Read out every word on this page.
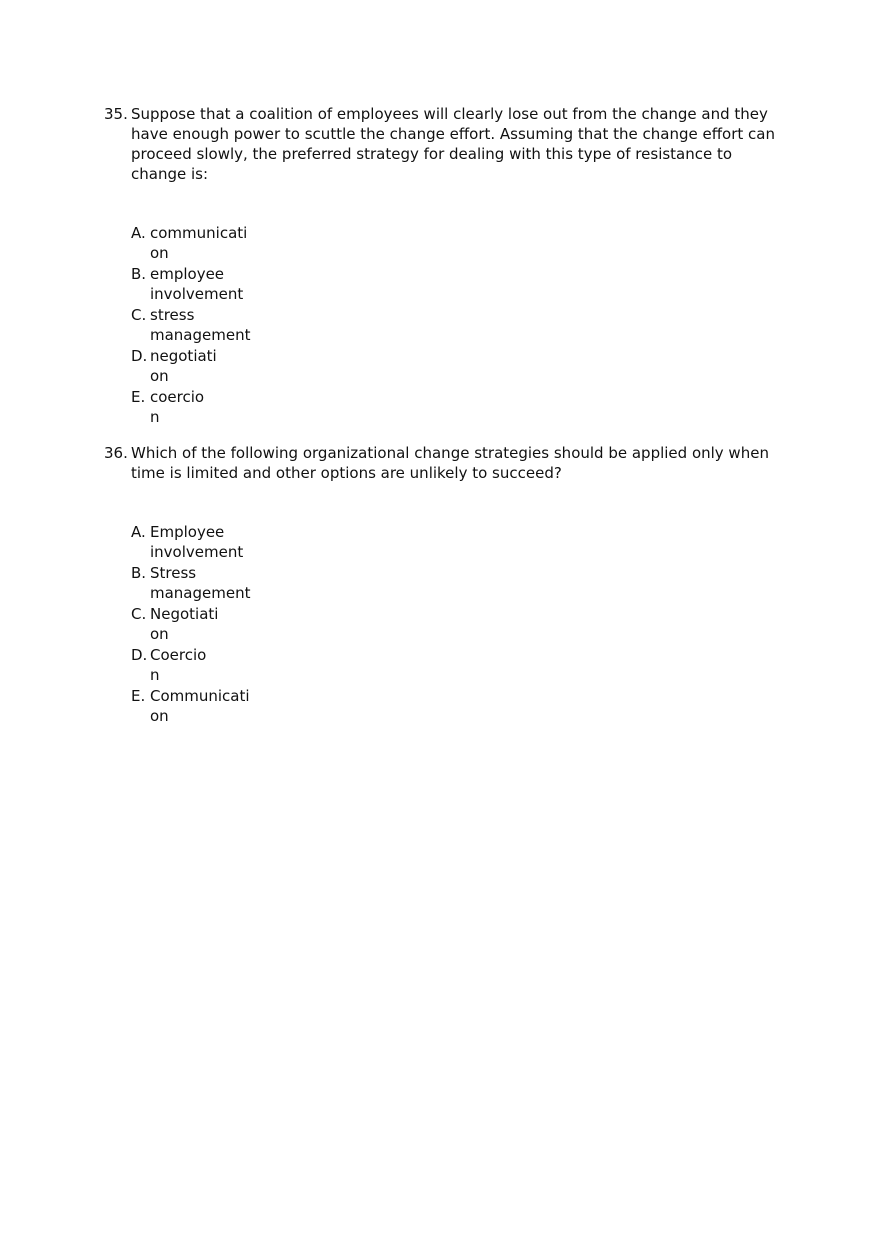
35. Suppose that a coalition of employees will clearly lose out from the change and they
have enough power to scuttle the change effort. Assuming that the change effort can
proceed slowly, the preferred strategy for dealing with this type of resistance to
change is:
A. communicati
on
B. employee
involvement
C. stress
management
D. negotiati
on
E. coercio
n
36. Which of the following organizational change strategies should be applied only when
time is limited and other options are unlikely to succeed?
A. Employee
involvement
B. Stress
management
C. Negotiati
on
D. Coercio
n
E. Communicati
on
